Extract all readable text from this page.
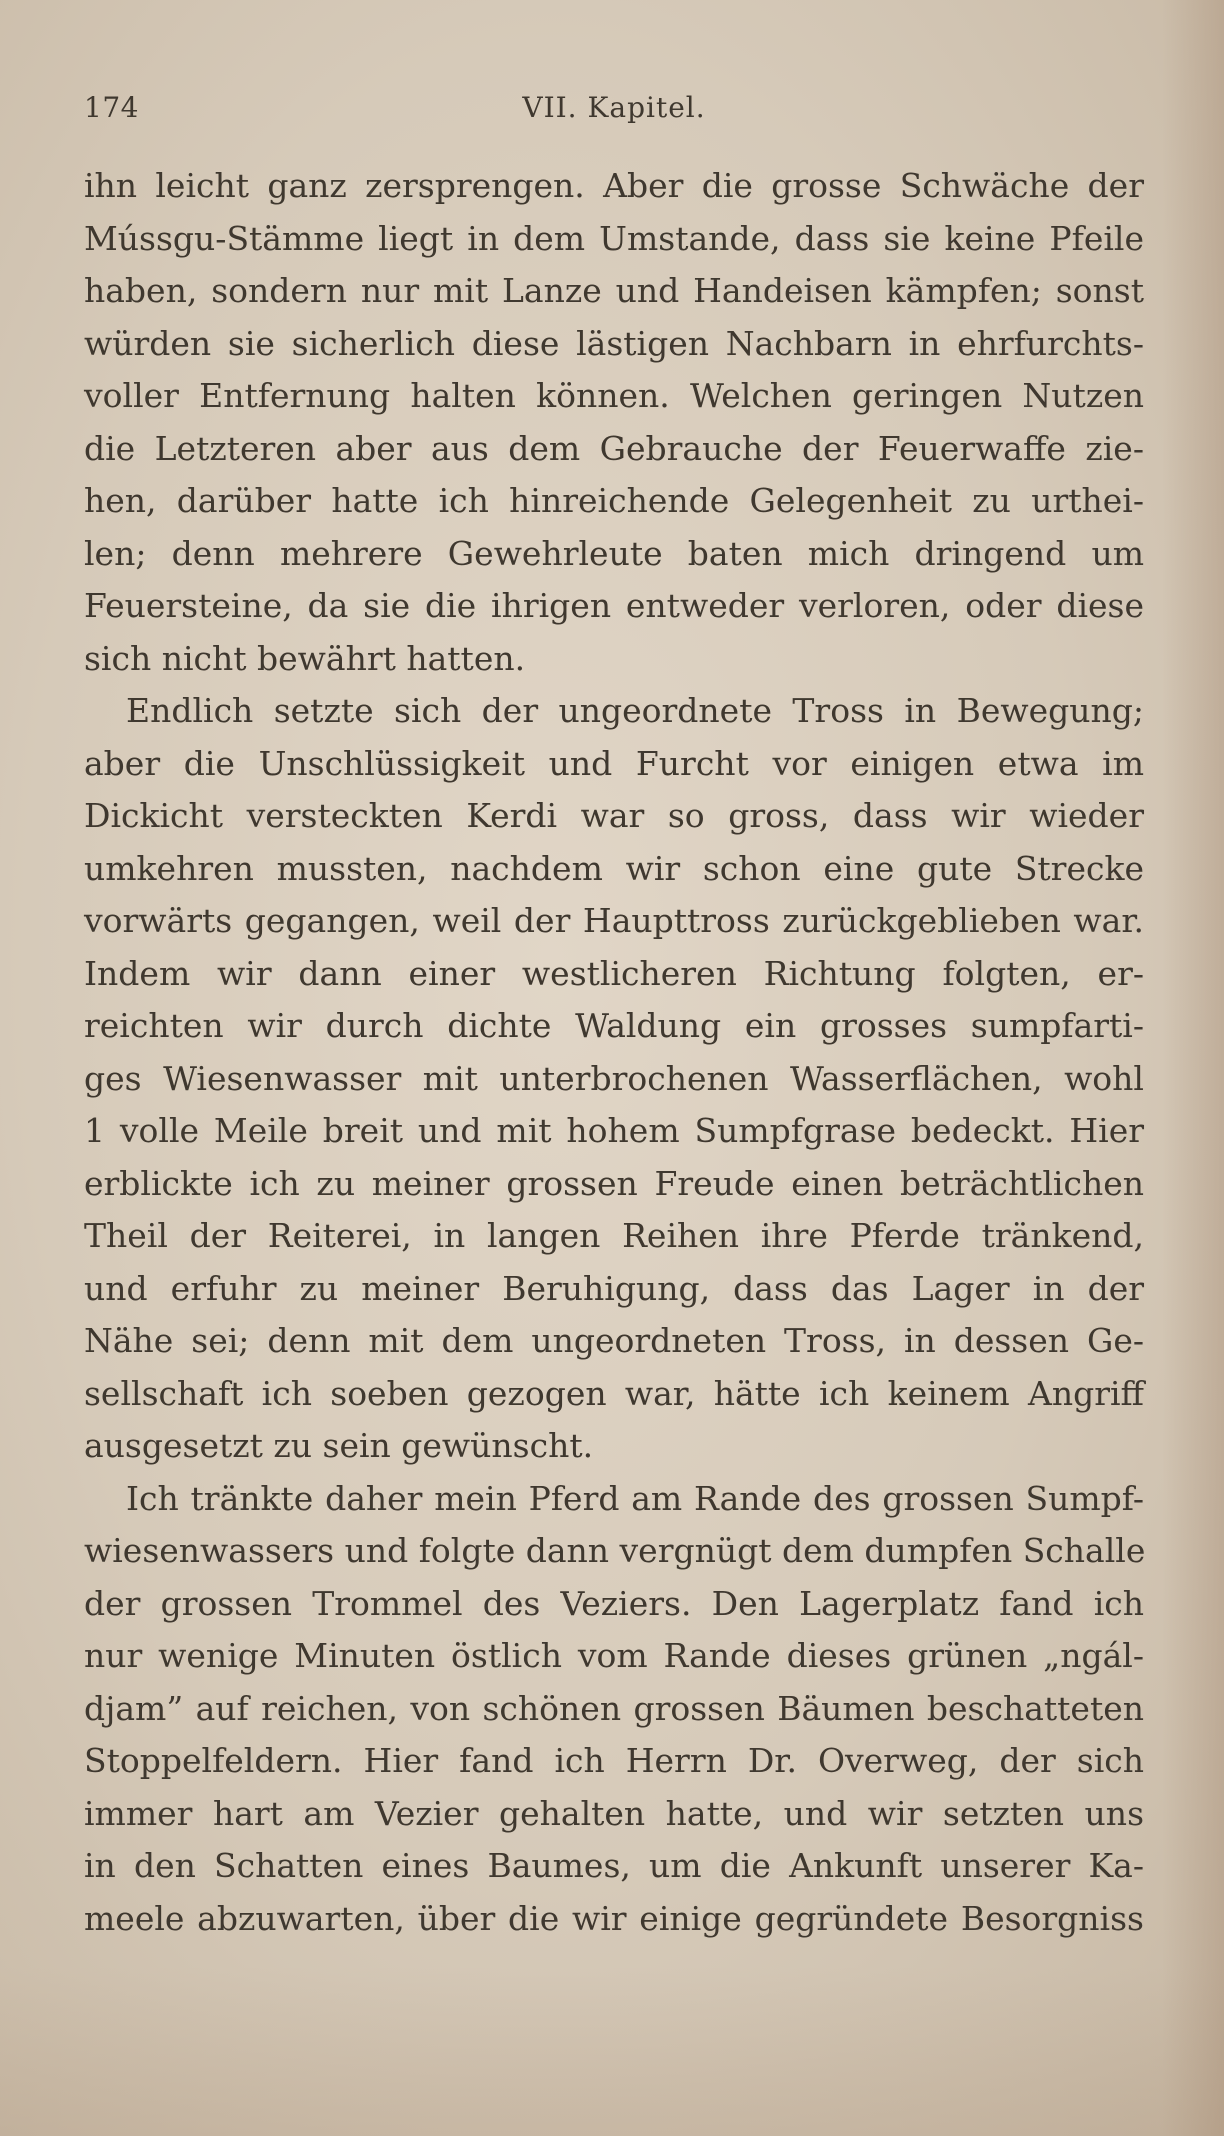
VII. Kapitel.
174
ihn leicht ganz zersprengen. Aber die grosse Schwäche der
Mússgu-Stämme liegt in dem Umstande, dass sie keine Pfeile
haben, sondern nur mit Lanze und Handeisen kämpfen; sonst
würden sie sicherlich diese lästigen Nachbarn in ehrfurchts-
voller Entfernung halten können. Welchen geringen Nutzen
die Letzteren aber aus dem Gebrauche der Feuerwaffe zie-
hen, darüber hatte ich hinreichende Gelegenheit zu urthei-
len; denn mehrere Gewehrleute baten mich dringend um
Feuersteine, da sie die ihrigen entweder verloren, oder diese
sich nicht bewährt hatten.
Endlich setzte sich der ungeordnete Tross in Bewegung;
aber die Unschlüssigkeit und Furcht vor einigen etwa im
Dickicht versteckten Kerdi war so gross, dass wir wieder
umkehren mussten, nachdem wir schon eine gute Strecke
vorwärts gegangen, weil der Haupttross zurückgeblieben war.
Indem wir dann einer westlicheren Richtung folgten, er-
reichten wir durch dichte Waldung ein grosses sumpfarti-
ges Wiesenwasser mit unterbrochenen Wasserflächen, wohl
1 volle Meile breit und mit hohem Sumpfgrase bedeckt. Hier
erblickte ich zu meiner grossen Freude einen beträchtlichen
Theil der Reiterei, in langen Reihen ihre Pferde tränkend,
und erfuhr zu meiner Beruhigung, dass das Lager in der
Nähe sei; denn mit dem ungeordneten Tross, in dessen Ge-
sellschaft ich soeben gezogen war, hätte ich keinem Angriff
ausgesetzt zu sein gewünscht.
Ich tränkte daher mein Pferd am Rande des grossen Sumpf-
wiesenwassers und folgte dann vergnügt dem dumpfen Schalle
der grossen Trommel des Veziers. Den Lagerplatz fand ich
nur wenige Minuten östlich vom Rande dieses grünen „ngál-
djam” auf reichen, von schönen grossen Bäumen beschatteten
Stoppelfeldern. Hier fand ich Herrn Dr. Overweg, der sich
immer hart am Vezier gehalten hatte, und wir setzten uns
in den Schatten eines Baumes, um die Ankunft unserer Ka-
meele abzuwarten, über die wir einige gegründete Besorgniss
